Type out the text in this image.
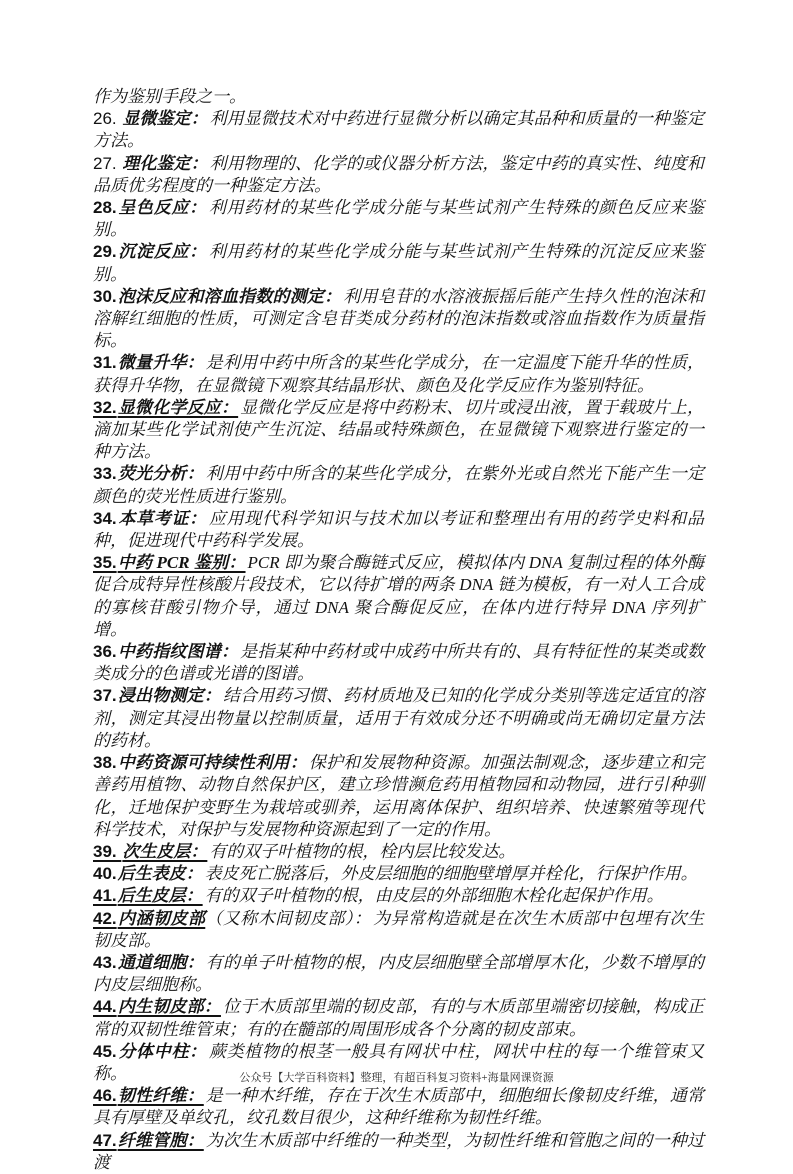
作为鉴别手段之一。

26. 显微鉴定： 利用显微技术对中药进行显微分析以确定其品种和质量的一种鉴定方法。

27. 理化鉴定： 利用物理的、化学的或仪器分析方法，鉴定中药的真实性、纯度和品质优劣程度的一种鉴定方法。

28.呈色反应： 利用药材的某些化学成分能与某些试剂产生特殊的颜色反应来鉴别。

29.沉淀反应： 利用药材的某些化学成分能与某些试剂产生特殊的沉淀反应来鉴别。

30.泡沫反应和溶血指数的测定： 利用皂苷的水溶液振摇后能产生持久性的泡沫和溶解红细胞的性质，可测定含皂苷类成分药材的泡沫指数或溶血指数作为质量指标。

31.微量升华： 是利用中药中所含的某些化学成分，在一定温度下能升华的性质，获得升华物，在显微镜下观察其结晶形状、颜色及化学反应作为鉴别特征。

32.显微化学反应： 显微化学反应是将中药粉末、切片或浸出液，置于载玻片上，滴加某些化学试剂使产生沉淀、结晶或特殊颜色，在显微镜下观察进行鉴定的一种方法。

33.荧光分析： 利用中药中所含的某些化学成分，在紫外光或自然光下能产生一定颜色的荧光性质进行鉴别。

34.本草考证： 应用现代科学知识与技术加以考证和整理出有用的药学史料和品种，促进现代中药科学发展。

35.中药 PCR 鉴别： PCR 即为聚合酶链式反应，模拟体内 DNA 复制过程的体外酶促合成特异性核酸片段技术，它以待扩增的两条 DNA 链为模板，有一对人工合成的寡核苷酸引物介导，通过 DNA 聚合酶促反应，在体内进行特异 DNA 序列扩增。

36.中药指纹图谱： 是指某种中药材或中成药中所共有的、具有特征性的某类或数类成分的色谱或光谱的图谱。

37.浸出物测定： 结合用药习惯、药材质地及已知的化学成分类别等选定适宜的溶剂，测定其浸出物量以控制质量，适用于有效成分还不明确或尚无确切定量方法的药材。

38.中药资源可持续性利用： 保护和发展物种资源。加强法制观念，逐步建立和完善药用植物、动物自然保护区，建立珍惜濒危药用植物园和动物园，进行引种驯化，迁地保护变野生为栽培或驯养，运用离体保护、组织培养、快速繁殖等现代科学技术，对保护与发展物种资源起到了一定的作用。

39. 次生皮层： 有的双子叶植物的根，栓内层比较发达。

40.后生表皮： 表皮死亡脱落后，外皮层细胞的细胞壁增厚并栓化，行保护作用。

41.后生皮层： 有的双子叶植物的根，由皮层的外部细胞木栓化起保护作用。

42.内涵韧皮部（又称木间韧皮部）： 为异常构造就是在次生木质部中包埋有次生韧皮部。

43.通道细胞： 有的单子叶植物的根，内皮层细胞壁全部增厚木化，少数不增厚的内皮层细胞称。

44.内生韧皮部： 位于木质部里端的韧皮部，有的与木质部里端密切接触，构成正常的双韧性维管束；有的在髓部的周围形成各个分离的韧皮部束。

45.分体中柱： 蕨类植物的根茎一般具有网状中柱，网状中柱的每一个维管束又称。

46.韧性纤维： 是一种木纤维，存在于次生木质部中，细胞细长像韧皮纤维，通常具有厚壁及单纹孔，纹孔数目很少，这种纤维称为韧性纤维。

47.纤维管胞： 为次生木质部中纤维的一种类型，为韧性纤维和管胞之间的一种过渡

公众号【大学百科资料】整理，有超百科复习资料+海量网课资源
